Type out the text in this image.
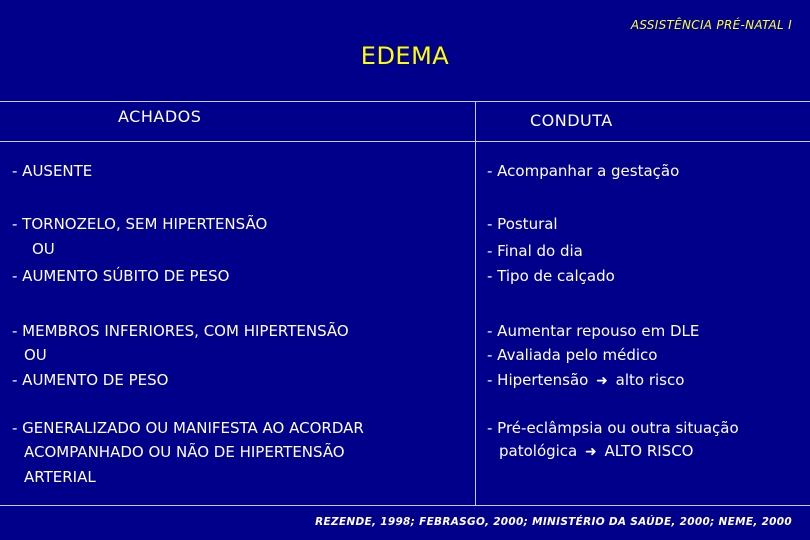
ASSISTÊNCIA PRÉ-NATAL I
EDEMA
ACHADOS	CONDUTA
- AUSENTE	- Acompanhar a gestação
- TORNOZELO, SEM HIPERTENSÃO
OU
- AUMENTO SÚBITO DE PESO
- Postural
- Final do dia
- Tipo de calçado
- MEMBROS INFERIORES, COM HIPERTENSÃO
OU
- AUMENTO DE PESO
- Aumentar repouso em DLE
- Avaliada pelo médico
- Hipertensão ➜ alto risco
- GENERALIZADO OU MANIFESTA AO ACORDAR
ACOMPANHADO OU NÃO DE HIPERTENSÃO
ARTERIAL
- Pré-eclâmpsia ou outra situação
patológica ➜ ALTO RISCO
REZENDE, 1998; FEBRASGO, 2000; MINISTÉRIO DA SAÚDE, 2000; NEME, 2000
